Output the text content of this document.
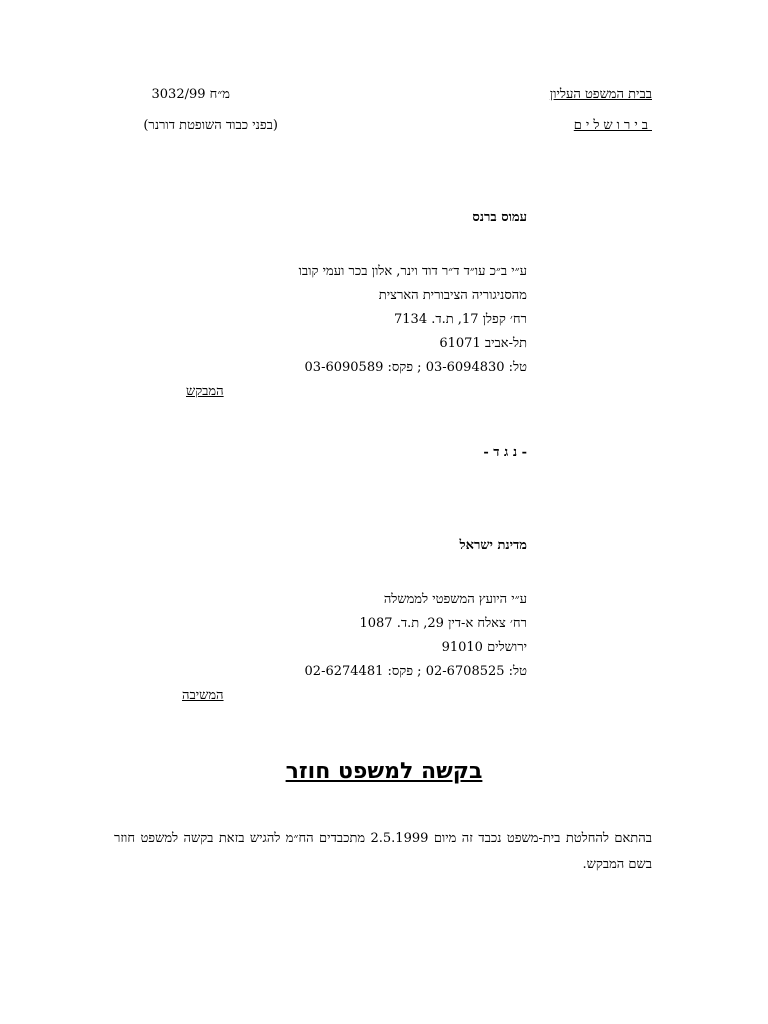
בבית המשפט העליון
בירושלים
מ״ח 3032/99
(בפני כבוד השופטת דורנר)
עמוס ברנס
ע״י ב״כ עו״ד ד״ר דוד וינר, אלון בכר ועמי קובו
מהסניגוריה הציבורית הארצית
רח׳ קפלן 17, ת.ד. 7134
תל-אביב 61071
טל: 03-6094830 ; פקס: 03-6090589
המבקש
- נ ג ד -
מדינת ישראל
ע״י היועץ המשפטי לממשלה
רח׳ צאלח א-דין 29, ת.ד. 1087
ירושלים 91010
טל: 02-6708525 ; פקס: 02-6274481
המשיבה
בקשה למשפט חוזר
בהתאם להחלטת בית-משפט נכבד זה מיום 2.5.1999 מתכבדים הח״מ להגיש בזאת בקשה למשפט חוזר בשם המבקש.
